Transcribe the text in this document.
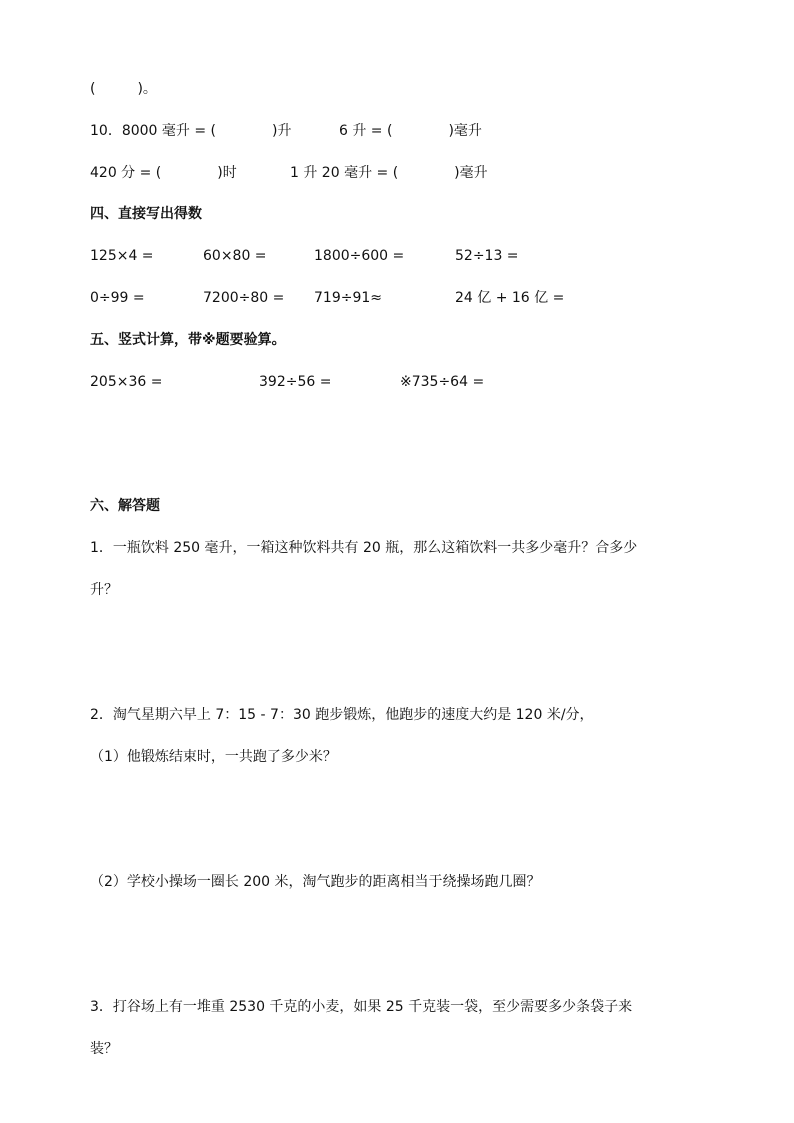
(　　　)。
10．8000 毫升 = (　　　　)升	6 升 = (　　　　)毫升
420 分 = (　　　　)时	1 升 20 毫升 = (　　　　)毫升
四、直接写出得数
125×4 =	60×80 =	1800÷600 =	52÷13 =
0÷99 =	7200÷80 = 719÷91≈	24 亿 + 16 亿 =
五、竖式计算，带※题要验算。
205×36 =	392÷56 =	※735÷64 =
六、解答题
1．一瓶饮料 250 毫升，一箱这种饮料共有 20 瓶，那么这箱饮料一共多少毫升？合多少
升？
2．淘气星期六早上 7：15 - 7：30 跑步锻炼，他跑步的速度大约是 120 米/分，
（1）他锻炼结束时，一共跑了多少米？
（2）学校小操场一圈长 200 米，淘气跑步的距离相当于绕操场跑几圈？
3．打谷场上有一堆重 2530 千克的小麦，如果 25 千克装一袋，至少需要多少条袋子来
装？
